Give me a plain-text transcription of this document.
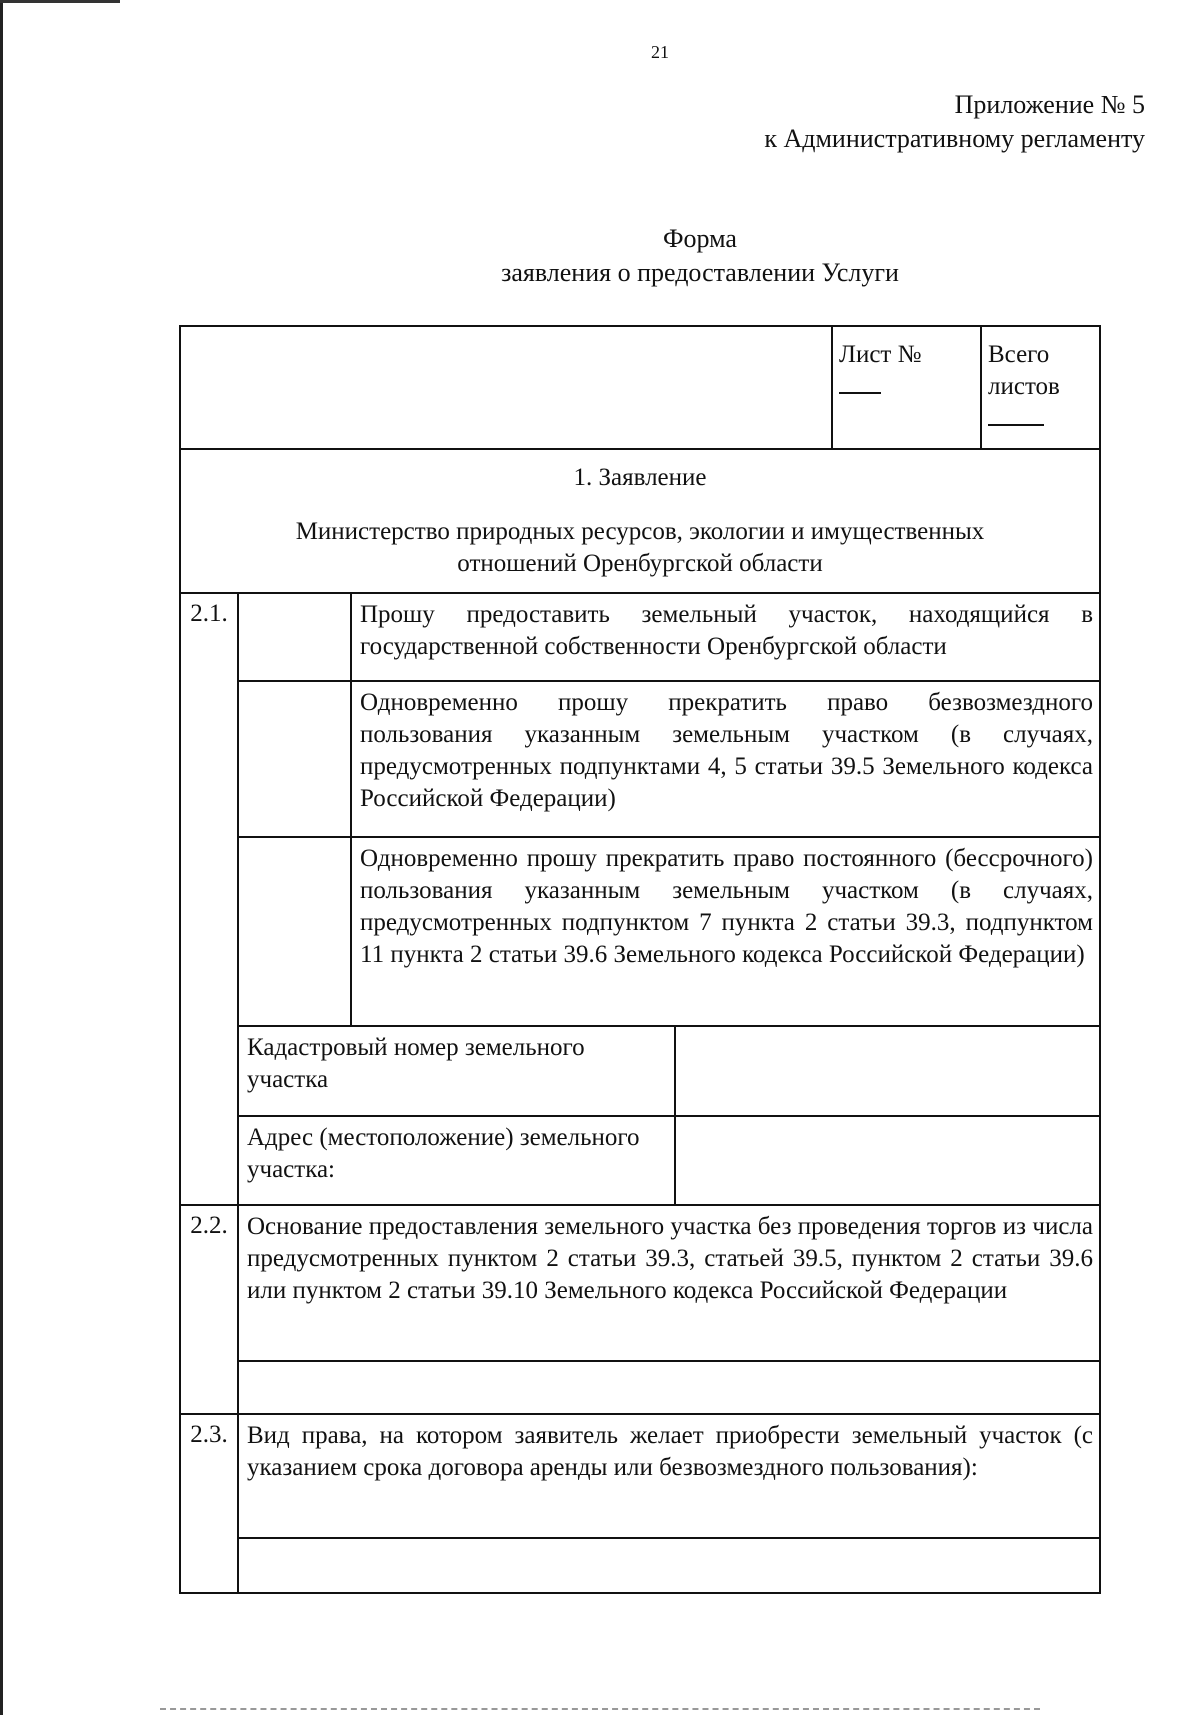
21
Приложение № 5
к Административному регламенту
Форма
заявления о предоставлении Услуги

				Лист №	Всего
листов

1. Заявление
Министерство природных ресурсов, экологии и имущественных
отношений Оренбургской области					

2.1.		Прошу предоставить земельный участок, находящийся в государственной собственности Оренбургской области			
		Одновременно прошу прекратить право безвозмездного пользования указанным земельным участком (в случаях, предусмотренных подпунктами 4, 5 статьи 39.5 Земельного кодекса Российской Федерации)			
		Одновременно прошу прекратить право постоянного (бессрочного) пользования указанным земельным участком (в случаях, предусмотренных подпунктом 7 пункта 2 статьи 39.3, подпунктом 11 пункта 2 статьи 39.6 Земельного кодекса Российской Федерации)			
	Кадастровый номер земельного участка				
	Адрес (местоположение) земельного участка:				
2.2.	Основание предоставления земельного участка без проведения торгов из числа предусмотренных пунктом 2 статьи 39.3, статьей 39.5, пунктом 2 статьи 39.6 или пунктом 2 статьи 39.10 Земельного кодекса Российской Федерации				

2.3.	Вид права, на котором заявитель желает приобрести земельный участок (с указанием срока договора аренды или безвозмездного пользования):				
